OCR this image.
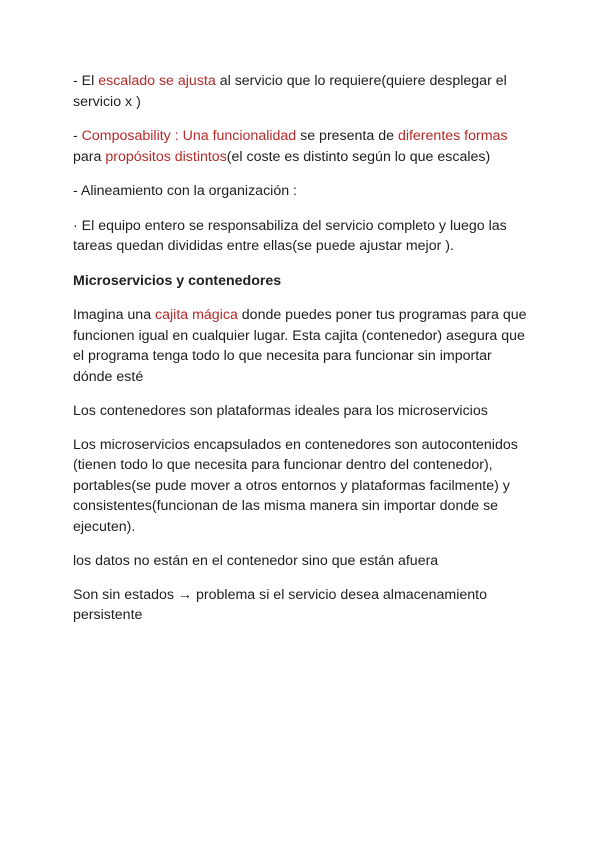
- El escalado se ajusta al servicio que lo requiere(quiere desplegar el servicio x )

- Composability : Una funcionalidad se presenta de diferentes formas para propósitos distintos(el coste es distinto según lo que escales)

- Alineamiento con la organización :

· El equipo entero se responsabiliza del servicio completo y luego las tareas quedan divididas entre ellas(se puede ajustar mejor ).

Microservicios y contenedores

Imagina una cajita mágica donde puedes poner tus programas para que funcionen igual en cualquier lugar. Esta cajita (contenedor) asegura que el programa tenga todo lo que necesita para funcionar sin importar dónde esté

Los contenedores son plataformas ideales para los microservicios

Los microservicios encapsulados en contenedores son autocontenidos (tienen todo lo que necesita para funcionar dentro del contenedor), portables(se pude mover a otros entornos y plataformas facilmente) y consistentes(funcionan de las misma manera sin importar donde se ejecuten).

los datos no están en el contenedor sino que están afuera

Son sin estados → problema si el servicio desea almacenamiento persistente
